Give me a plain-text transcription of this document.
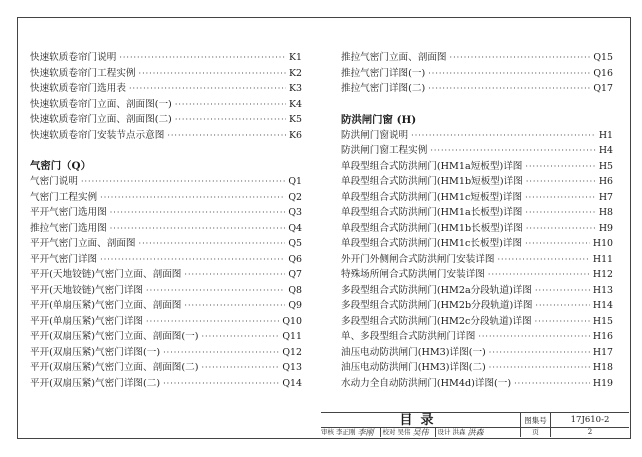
快速软质卷帘门说明 ·····	K1
快速软质卷帘门工程实例 ·····	K2
快速软质卷帘门选用表 ·····	K3
快速软质卷帘门立面、剖面图(一) ·····	K4
快速软质卷帘门立面、剖面图(二) ·····	K5
快速软质卷帘门安装节点示意图 ·····	K6
气密门（Q）
气密门说明 ·····	Q1
气密门工程实例 ·····	Q2
平开气密门选用图 ·····	Q3
推拉气密门选用图 ·····	Q4
平开气密门立面、剖面图 ·····	Q5
平开气密门详图 ·····	Q6
平开(天地铰链)气密门立面、剖面图 ·····	Q7
平开(天地铰链)气密门详图 ·····	Q8
平开(单扇压紧)气密门立面、剖面图 ·····	Q9
平开(单扇压紧)气密门详图 ·····	Q10
平开(双扇压紧)气密门立面、剖面图(一) ·····	Q11
平开(双扇压紧)气密门详图(一) ·····	Q12
平开(双扇压紧)气密门立面、剖面图(二) ·····	Q13
平开(双扇压紧)气密门详图(二) ·····	Q14
推拉气密门立面、剖面图 ·····	Q15
推拉气密门详图(一) ·····	Q16
推拉气密门详图(二) ·····	Q17
防洪闸门窗 (H)
防洪闸门窗说明 ·····	H1
防洪闸门窗工程实例 ·····	H4
单段型组合式防洪闸门(HM1a短板型)详图 ·····	H5
单段型组合式防洪闸门(HM1b短板型)详图 ·····	H6
单段型组合式防洪闸门(HM1c短板型)详图 ·····	H7
单段型组合式防洪闸门(HM1a长板型)详图 ·····	H8
单段型组合式防洪闸门(HM1b长板型)详图 ·····	H9
单段型组合式防洪闸门(HM1c长板型)详图 ·····	H10
外开门外侧闸合式防洪闸门安装详图 ·····	H11
特殊场所闸合式防洪闸门安装详图 ·····	H12
多段型组合式防洪闸门(HM2a分段轨道)详图 ·····	H13
多段型组合式防洪闸门(HM2b分段轨道)详图 ·····	H14
多段型组合式防洪闸门(HM2c分段轨道)详图 ·····	H15
单、多段型组合式防洪闸门详图 ·····	H16
油压电动防洪闸门(HM3)详图(一) ·····	H17
油压电动防洪闸门(HM3)详图(二) ·····	H18
水动力全自动防洪闸门(HM4d)详图(一) ·····	H19
目录	图集号	17J610-2
审核 李正刚 李刚 校对 吴伟 吴伟 设计 洪森 洪森	页	2
